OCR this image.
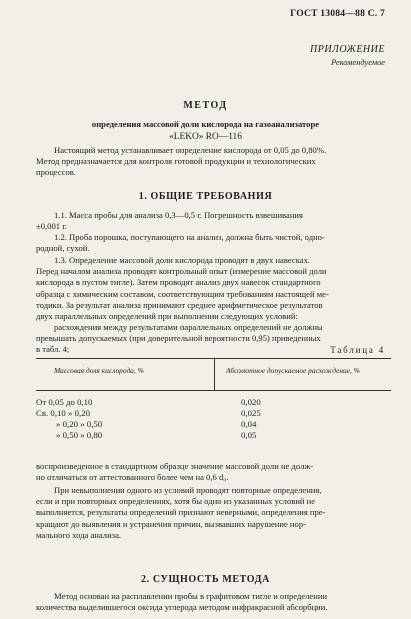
ГОСТ 13084—88 С. 7
ПРИЛОЖЕНИЕ
Рекомендуемое
МЕТОД
определения массовой доли кислорода на газоанализаторе
«LEKO» RO—116
Настоящий метод устанавливает определение кислорода от 0,05 до 0,80%.
Метод предназначается для контроля готовой продукции и технологических
процессов.
1. ОБЩИЕ ТРЕБОВАНИЯ
1.1. Масса пробы для анализа 0,3—0,5 г. Погрешность взвешивания
±0,001 г.
1.2. Проба порошка, поступающего на анализ, должна быть чистой, одно-
родной, сухой.
1.3. Определение массовой доли кислорода проводят в двух навесках.
Перед началом анализа проводят контрольный опыт (измерение массовой доли
кислорода в пустом тигле). Затем проводят анализ двух навесок стандартного
образца с химическим составом, соответствующим требованиям настоящей ме-
тодики. За результат анализа принимают среднее арифметическое результатов
двух параллельных определений при выполнении следующих условий:
расхождения между результатами параллельных определений не должны
превышать допускаемых (при доверительной вероятности 0,95) приведенных
в табл. 4;	Таблица 4
Массовая доля кислорода, %	Абсолютное допускаемое расхождение, %
От 0,05 до 0,10	0,020
Св. 0,10 » 0,20	0,025
» 0,20 » 0,50	0,04
» 0,50 » 0,80	0,05
воспроизведенное в стандартном образце значение массовой доли не долж-
но отличаться от аттестованного более чем на 0,6 d₀.
При невыполнении одного из условий проводят повторные определения,
если и при повторных определениях, хотя бы одно из указанных условий не
выполняется, результаты определений признают неверными, определения пре-
кращают до выявления и устранения причин, вызвавших нарушение нор-
мального хода анализа.
2. СУЩНОСТЬ МЕТОДА
Метод основан на расплавлении пробы в графитовом тигле и определении
количества выделившегося оксида углерода методом инфракрасной абсорбции.
